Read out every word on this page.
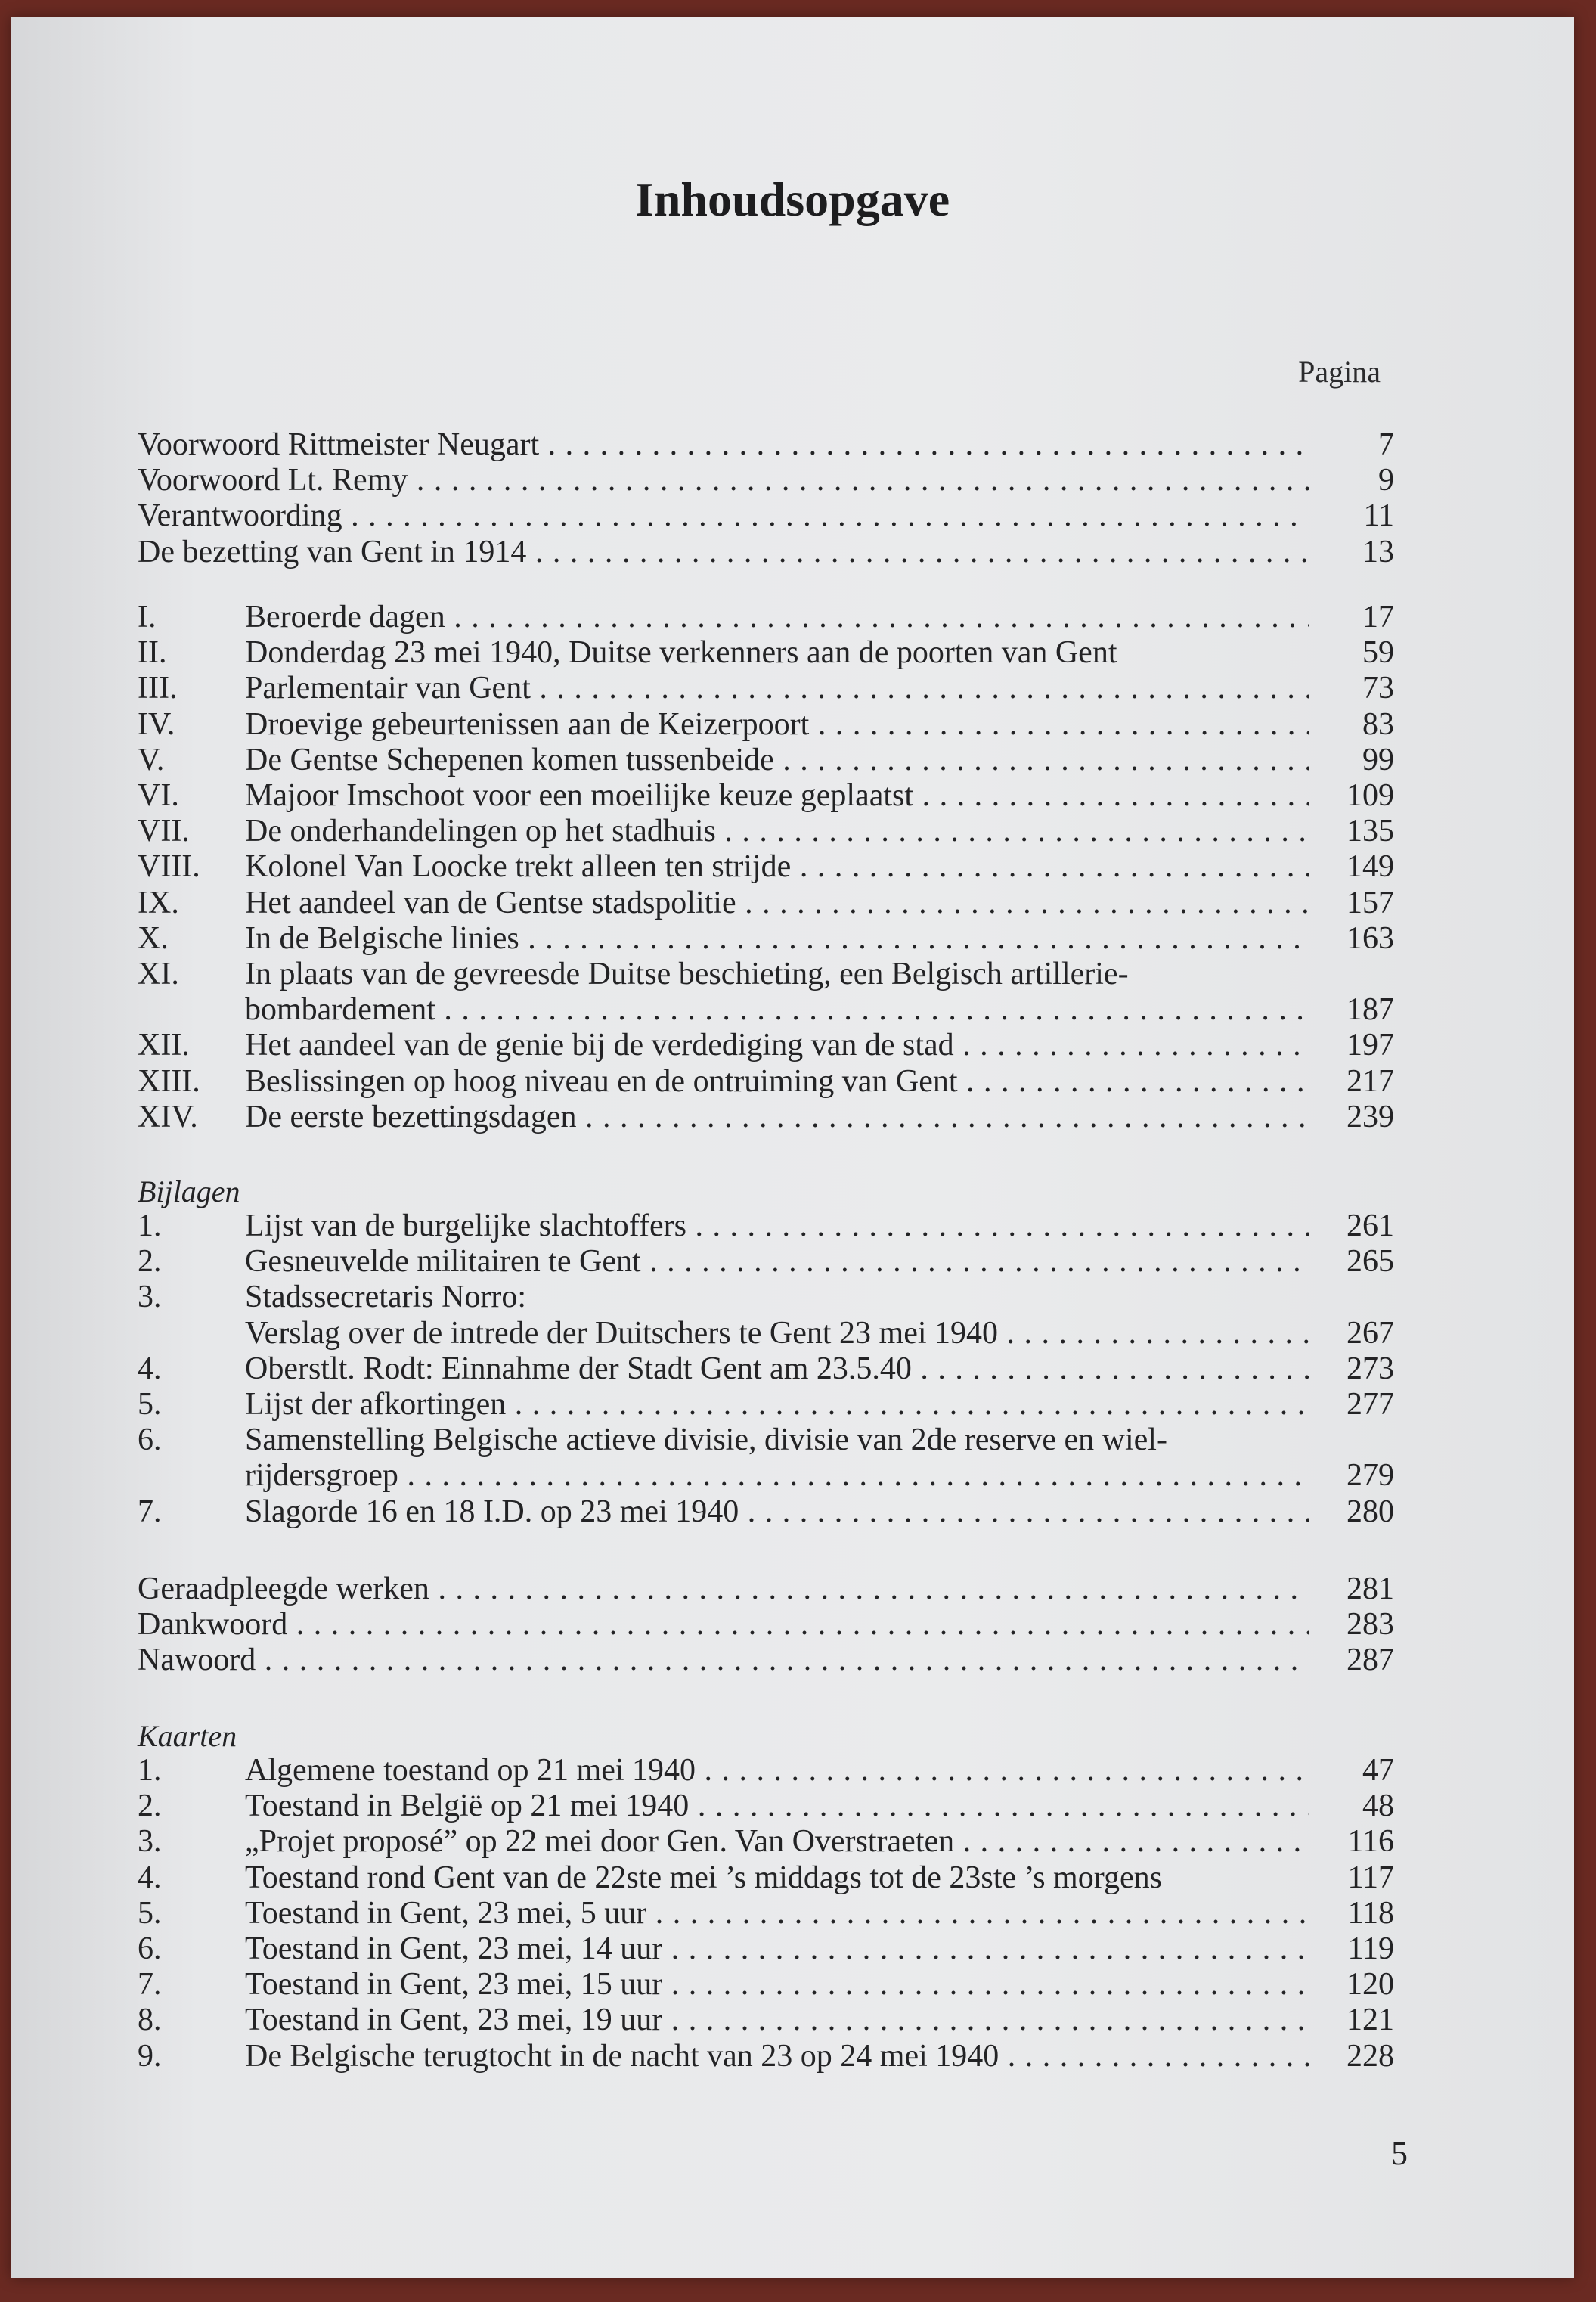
Inhoudsopgave
Pagina
Voorwoord Rittmeister Neugart . . .	7
Voorwoord Lt. Remy . . .	9
Verantwoording . . .	11
De bezetting van Gent in 1914 . . .	13
I.	Beroerde dagen . . .	17
II. Donderdag 23 mei 1940, Duitse verkenners aan de poorten van Gent	59
III. Parlementair van Gent . . .	73
IV. Droevige gebeurtenissen aan de Keizerpoort . . .	83
V.	De Gentse Schepenen komen tussenbeide . . .	99
VI. Majoor Imschoot voor een moeilijke keuze geplaatst . . .	109
VII. De onderhandelingen op het stadhuis . . .	135
VIII. Kolonel Van Loocke trekt alleen ten strijde . . .	149
IX. Het aandeel van de Gentse stadspolitie . . .	157
X. In de Belgische linies . . .	163
XI. In plaats van de gevreesde Duitse beschieting, een Belgisch artillerie-
bombardement . . .	187
XII. Het aandeel van de genie bij de verdediging van de stad . . .	197
XIII. Beslissingen op hoog niveau en de ontruiming van Gent . . .	217
XIV. De eerste bezettingsdagen . . .	239
Bijlagen
1.	Lijst van de burgelijke slachtoffers . . .	261
2.	Gesneuvelde militairen te Gent . . .	265
3.	Stadssecretaris Norro:
Verslag over de intrede der Duitschers te Gent 23 mei 1940 . . .	267
4.	Oberstlt. Rodt: Einnahme der Stadt Gent am 23.5.40 . . .	273
5.	Lijst der afkortingen . . .	277
6.	Samenstelling Belgische actieve divisie, divisie van 2de reserve en wiel-
rijdersgroep . . .	279
7.	Slagorde 16 en 18 I.D. op 23 mei 1940 . . .	280
Geraadpleegde werken . . .	281
Dankwoord . . .	283
Nawoord . . .	287
Kaarten
1.	Algemene toestand op 21 mei 1940 . . .	47
2.	Toestand in België op 21 mei 1940 . . .	48
3.	„Projet proposé” op 22 mei door Gen. Van Overstraeten . . .	116
4.	Toestand rond Gent van de 22ste mei ’s middags tot de 23ste ’s morgens	117
5.	Toestand in Gent, 23 mei, 5 uur . . .	118
6.	Toestand in Gent, 23 mei, 14 uur . . .	119
7.	Toestand in Gent, 23 mei, 15 uur . . .	120
8.	Toestand in Gent, 23 mei, 19 uur . . .	121
9.	De Belgische terugtocht in de nacht van 23 op 24 mei 1940 . . .	228
5
